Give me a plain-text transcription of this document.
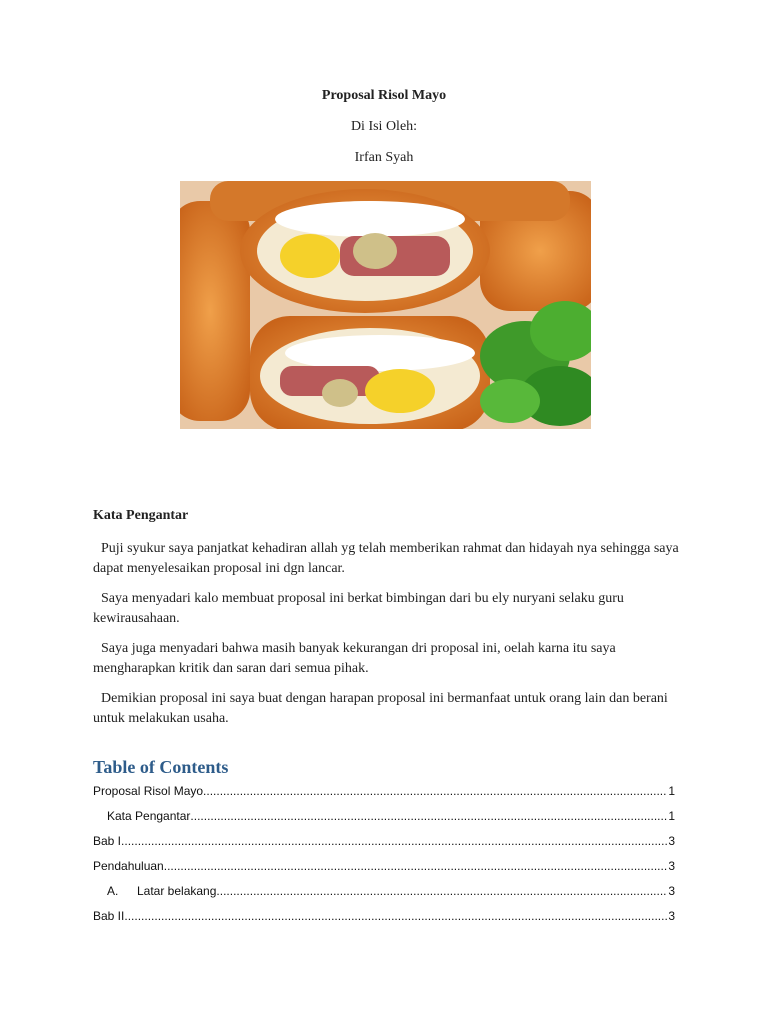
Proposal Risol Mayo
Di Isi Oleh:
Irfan Syah
Kata Pengantar
Puji syukur saya panjatkat kehadiran allah yg telah memberikan rahmat dan hidayah nya sehingga saya dapat menyelesaikan proposal ini dgn lancar.
Saya menyadari kalo membuat proposal ini berkat bimbingan dari bu ely nuryani selaku guru kewirausahaan.
Saya juga menyadari bahwa masih banyak kekurangan dri proposal ini, oelah karna itu saya mengharapkan kritik dan saran dari semua pihak.
Demikian proposal ini saya buat dengan harapan proposal ini bermanfaat untuk orang lain dan berani untuk melakukan usaha.
Table of Contents
Proposal Risol Mayo .....	1
Kata Pengantar .....	1
Bab I .....	3
Pendahuluan .....	3
A.	Latar belakang .....	3
Bab II .....	3
